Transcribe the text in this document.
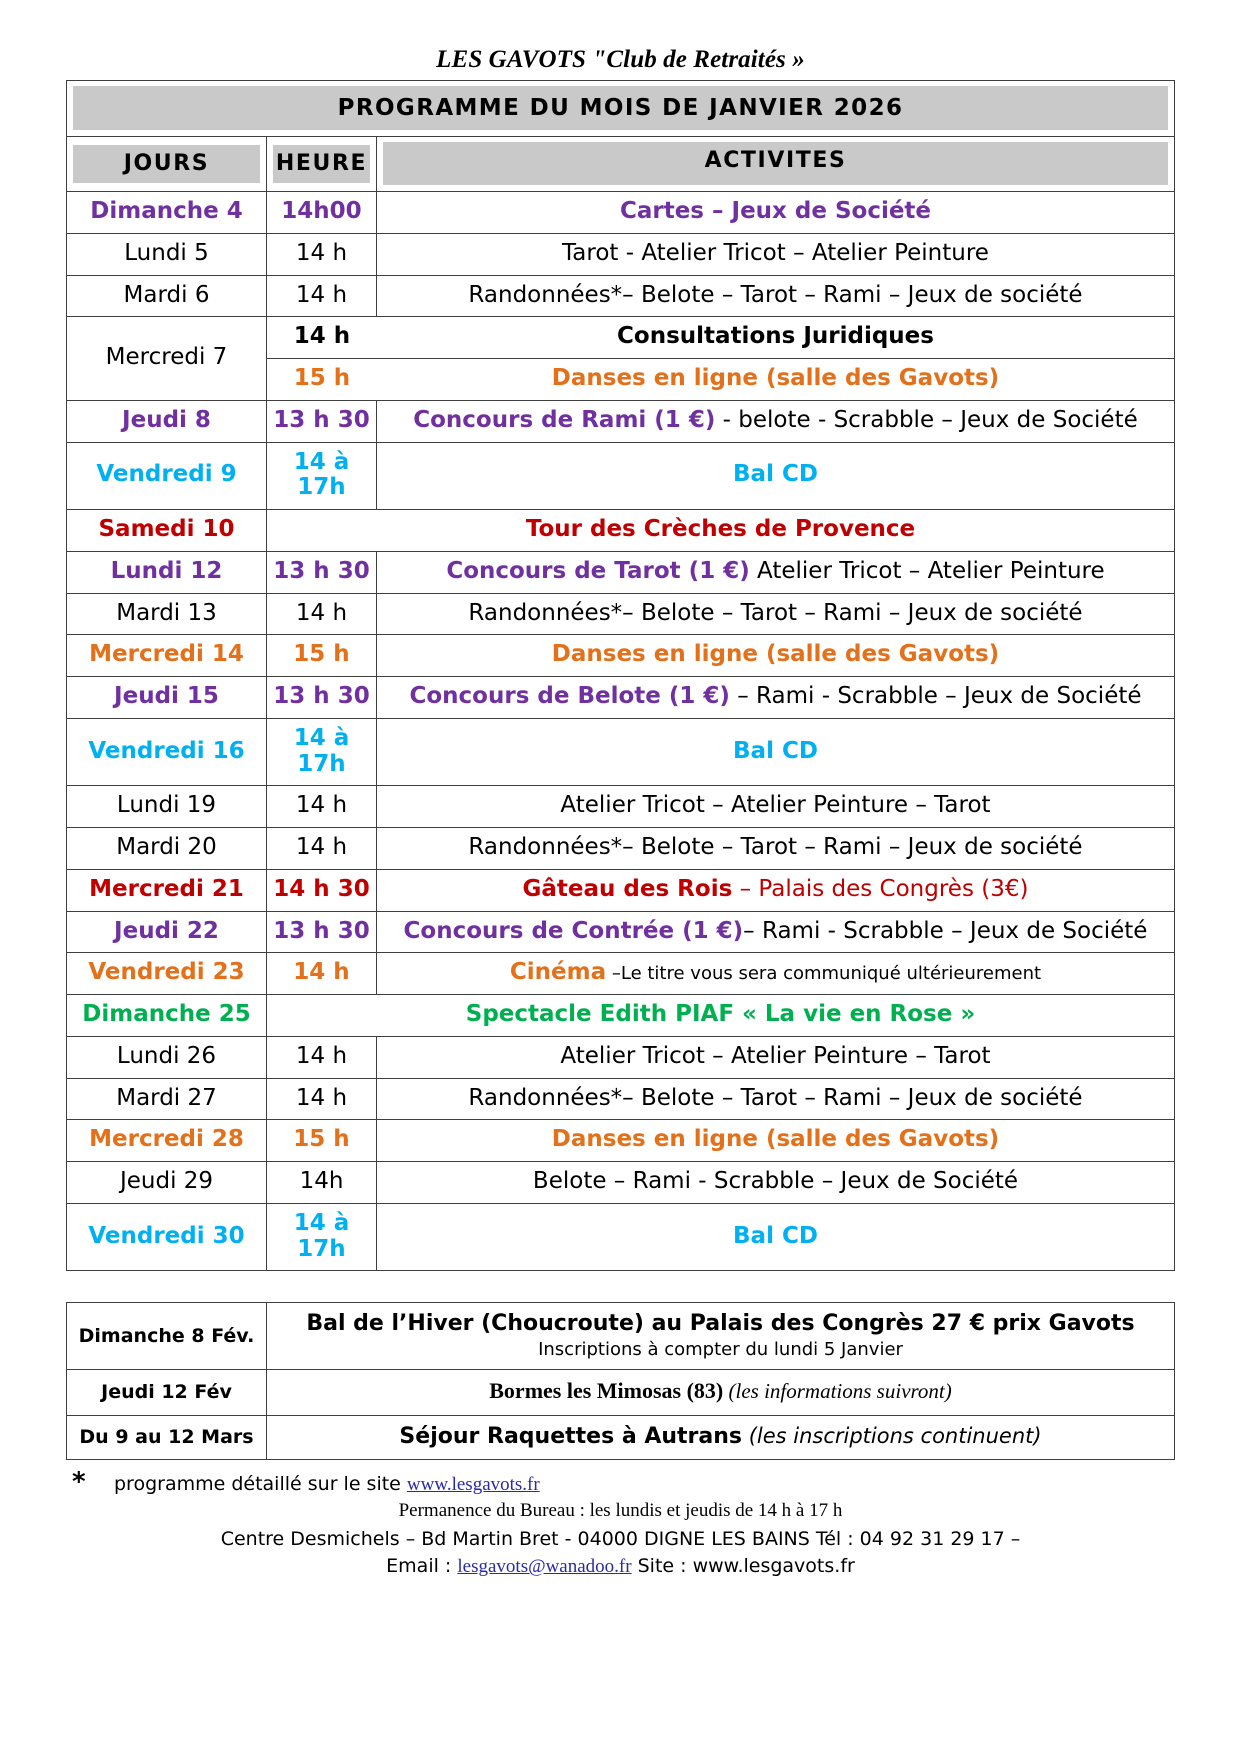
LES GAVOTS "Club de Retraités »
PROGRAMME DU MOIS DE JANVIER 2026

JOURS	HEURE	ACTIVITES

Dimanche 4	14h00	Cartes – Jeux de Société
Lundi 5	14 h	Tarot - Atelier Tricot – Atelier Peinture
Mardi 6	14 h	Randonnées*– Belote – Tarot – Rami – Jeux de société
Mercredi 7	
14 h	Consultations Juridiques
15 h	Danses en ligne (salle des Gavots)

Jeudi 8	13 h 30	Concours de Rami (1 €) - belote - Scrabble – Jeux de Société
Vendredi 9	14 à 17h	Bal CD
Samedi 10	Tour des Crèches de Provence
Lundi 12	13 h 30	Concours de Tarot (1 €) Atelier Tricot – Atelier Peinture
Mardi 13	14 h	Randonnées*– Belote – Tarot – Rami – Jeux de société
Mercredi 14	15 h	Danses en ligne (salle des Gavots)
Jeudi 15	13 h 30	Concours de Belote (1 €) – Rami - Scrabble – Jeux de Société
Vendredi 16	14 à 17h	Bal CD
Lundi 19	14 h	Atelier Tricot – Atelier Peinture – Tarot
Mardi 20	14 h	Randonnées*– Belote – Tarot – Rami – Jeux de société
Mercredi 21	14 h 30	Gâteau des Rois – Palais des Congrès (3€)
Jeudi 22	13 h 30	Concours de Contrée (1 €)– Rami - Scrabble – Jeux de Société
Vendredi 23	14 h	Cinéma –Le titre vous sera communiqué ultérieurement
Dimanche 25	Spectacle Edith PIAF « La vie en Rose »
Lundi 26	14 h	Atelier Tricot – Atelier Peinture – Tarot
Mardi 27	14 h	Randonnées*– Belote – Tarot – Rami – Jeux de société
Mercredi 28	15 h	Danses en ligne (salle des Gavots)
Jeudi 29	14h	Belote – Rami - Scrabble – Jeux de Société
Vendredi 30	14 à 17h	Bal CD
Dimanche 8 Fév.	Bal de l’Hiver (Choucroute) au Palais des Congrès 27 € prix Gavots
Inscriptions à compter du lundi 5 Janvier

Jeudi 12 Fév	Bormes les Mimosas (83) (les informations suivront)
Du 9 au 12 Mars	Séjour Raquettes à Autrans (les inscriptions continuent)
*	programme détaillé sur le site www.lesgavots.fr
Permanence du Bureau : les lundis et jeudis de 14 h à 17 h
Centre Desmichels – Bd Martin Bret - 04000 DIGNE LES BAINS Tél : 04 92 31 29 17 –
Email : lesgavots@wanadoo.fr Site : www.lesgavots.fr
